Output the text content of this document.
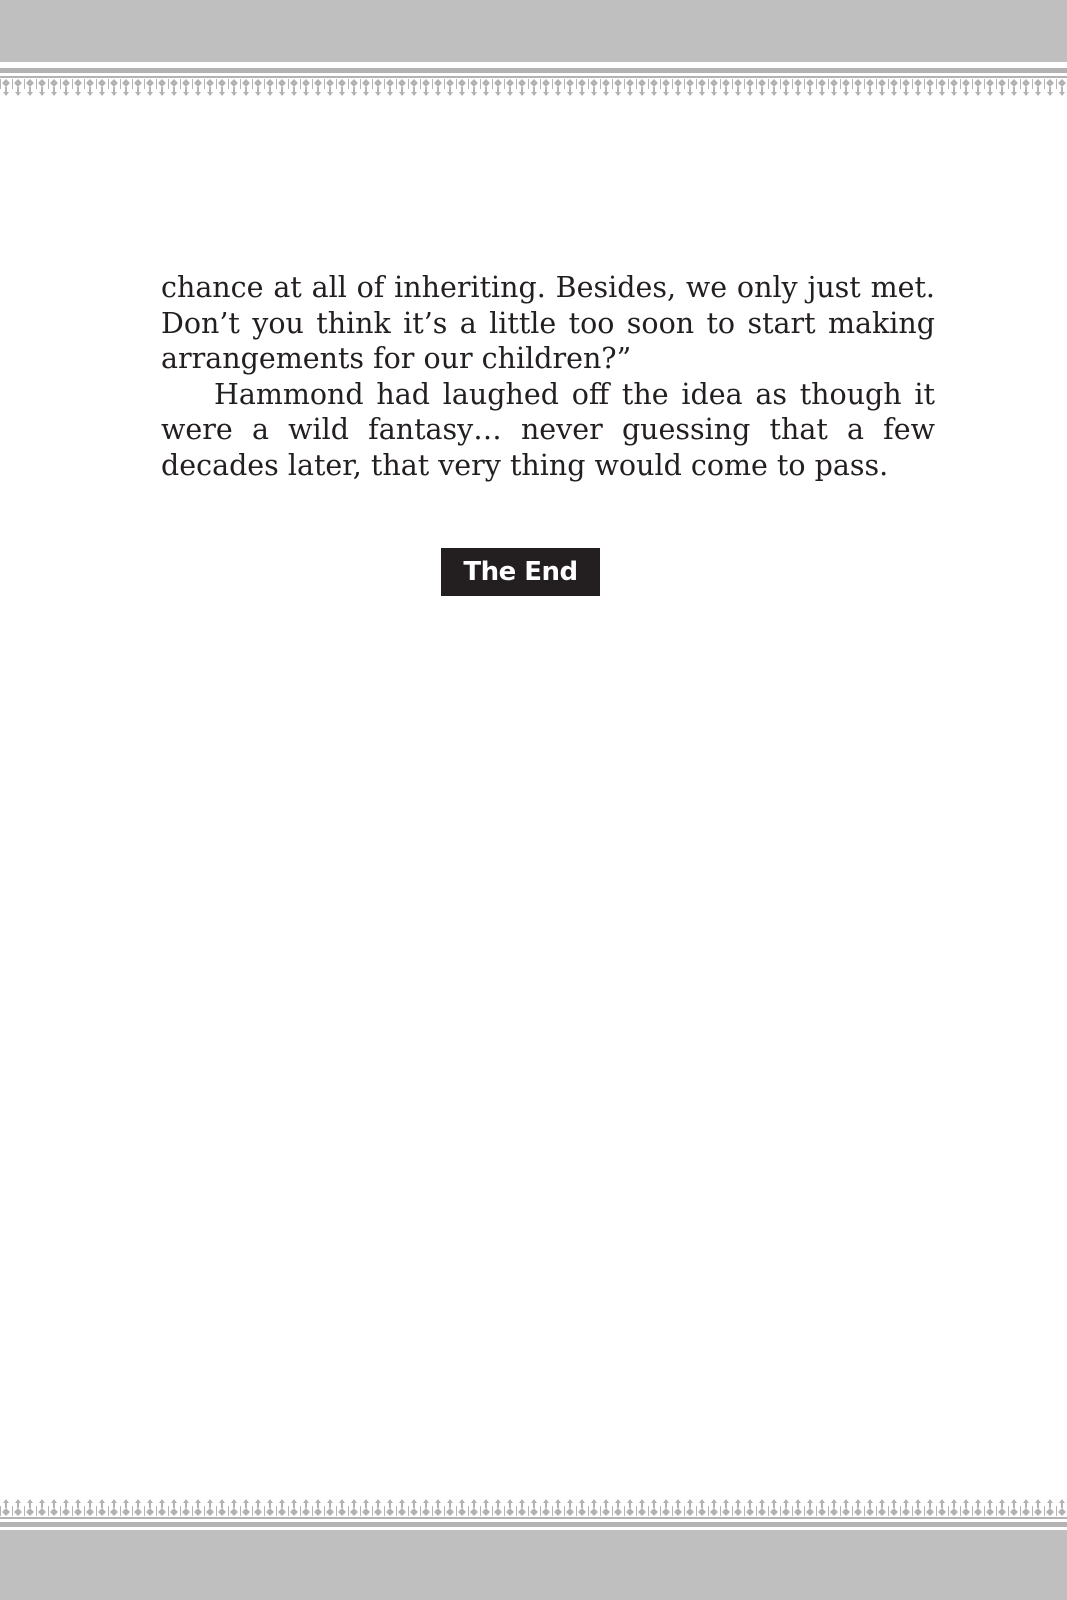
chance at all of inheriting. Besides, we only just met. Don’t you think it’s a little too soon to start making arrangements for our children?”

Hammond had laughed off the idea as though it were a wild fantasy… never guessing that a few decades later, that very thing would come to pass.

The End
